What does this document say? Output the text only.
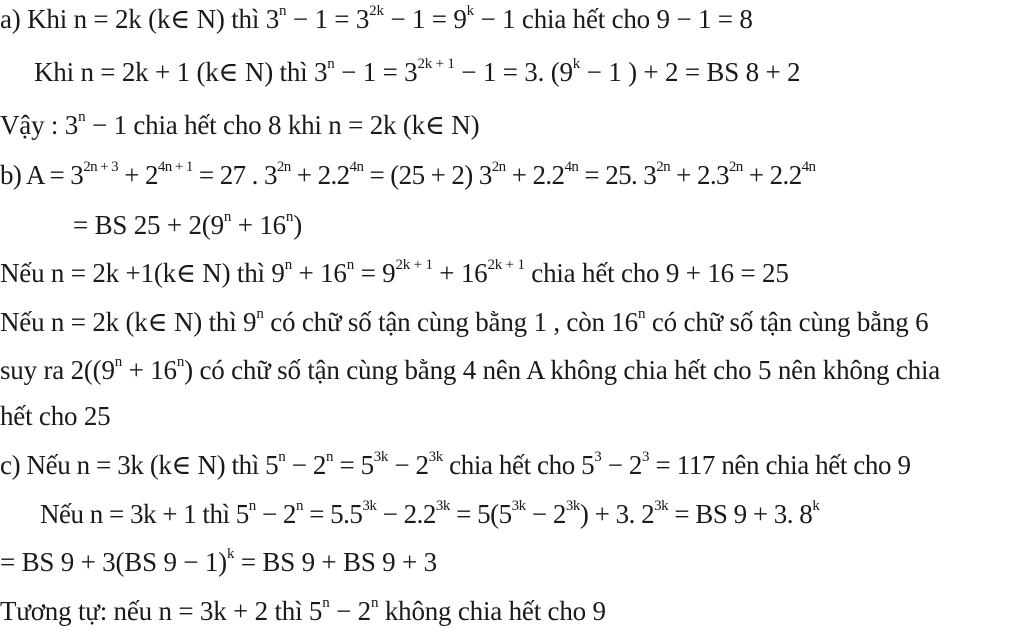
a) Khi n = 2k (k∈ N) thì $3^n - 1 = 3^{2k} - 1 = 9^k - 1$ chia hết cho 9 − 1 = 8
Khi n = 2k + 1 (k∈ N) thì $3^n - 1 = 3^{2k + 1} - 1 = 3$. ($9^k - 1$ ) + 2 = BS 8 + 2
Vậy : $3^n - 1$ chia hết cho 8 khi n = 2k (k∈ N)
b) $A = 3^{2n + 3} + 2^{4n + 1} = 27$ . $3^{2n} + 2.2^{4n} = (25 + 2) 3^{2n} + 2.2^{4n} = 25$. $3^{2n} + 2.3^{2n} + 2.2^{4n}$
= BS $25 + 2(9^n + 16^n)$
Nếu n = 2k +1(k∈ N) thì $9^n + 16^n = 9^{2k + 1} + 16^{2k + 1}$ chia hết cho 9 + 16 = 25
Nếu n = 2k (k∈ N) thì 9$^n$ có chữ số tận cùng bằng 1 , còn 16$^n$ có chữ số tận cùng bằng 6
suy ra $2((9^n + 16^n)$ có chữ số tận cùng bằng 4 nên A không chia hết cho 5 nên không chia
hết cho 25
c) Nếu n = 3k (k∈ N) thì $5^n - 2^n = 5^{3k} - 2^{3k}$ chia hết cho $5^3 - 2^3 = 117$ nên chia hết cho 9
Nếu n = 3k + 1 thì $5^n - 2^n = 5.5^{3k} - 2.2^{3k} = 5(5^{3k} - 2^{3k}) + 3$. $2^{3k}$ = BS 9 + 3. $8^k$
= BS 9 + 3(BS 9 − 1)$^k$ = BS 9 + BS 9 + 3
Tương tự: nếu n = 3k + 2 thì $5^n - 2^n$ không chia hết cho 9
